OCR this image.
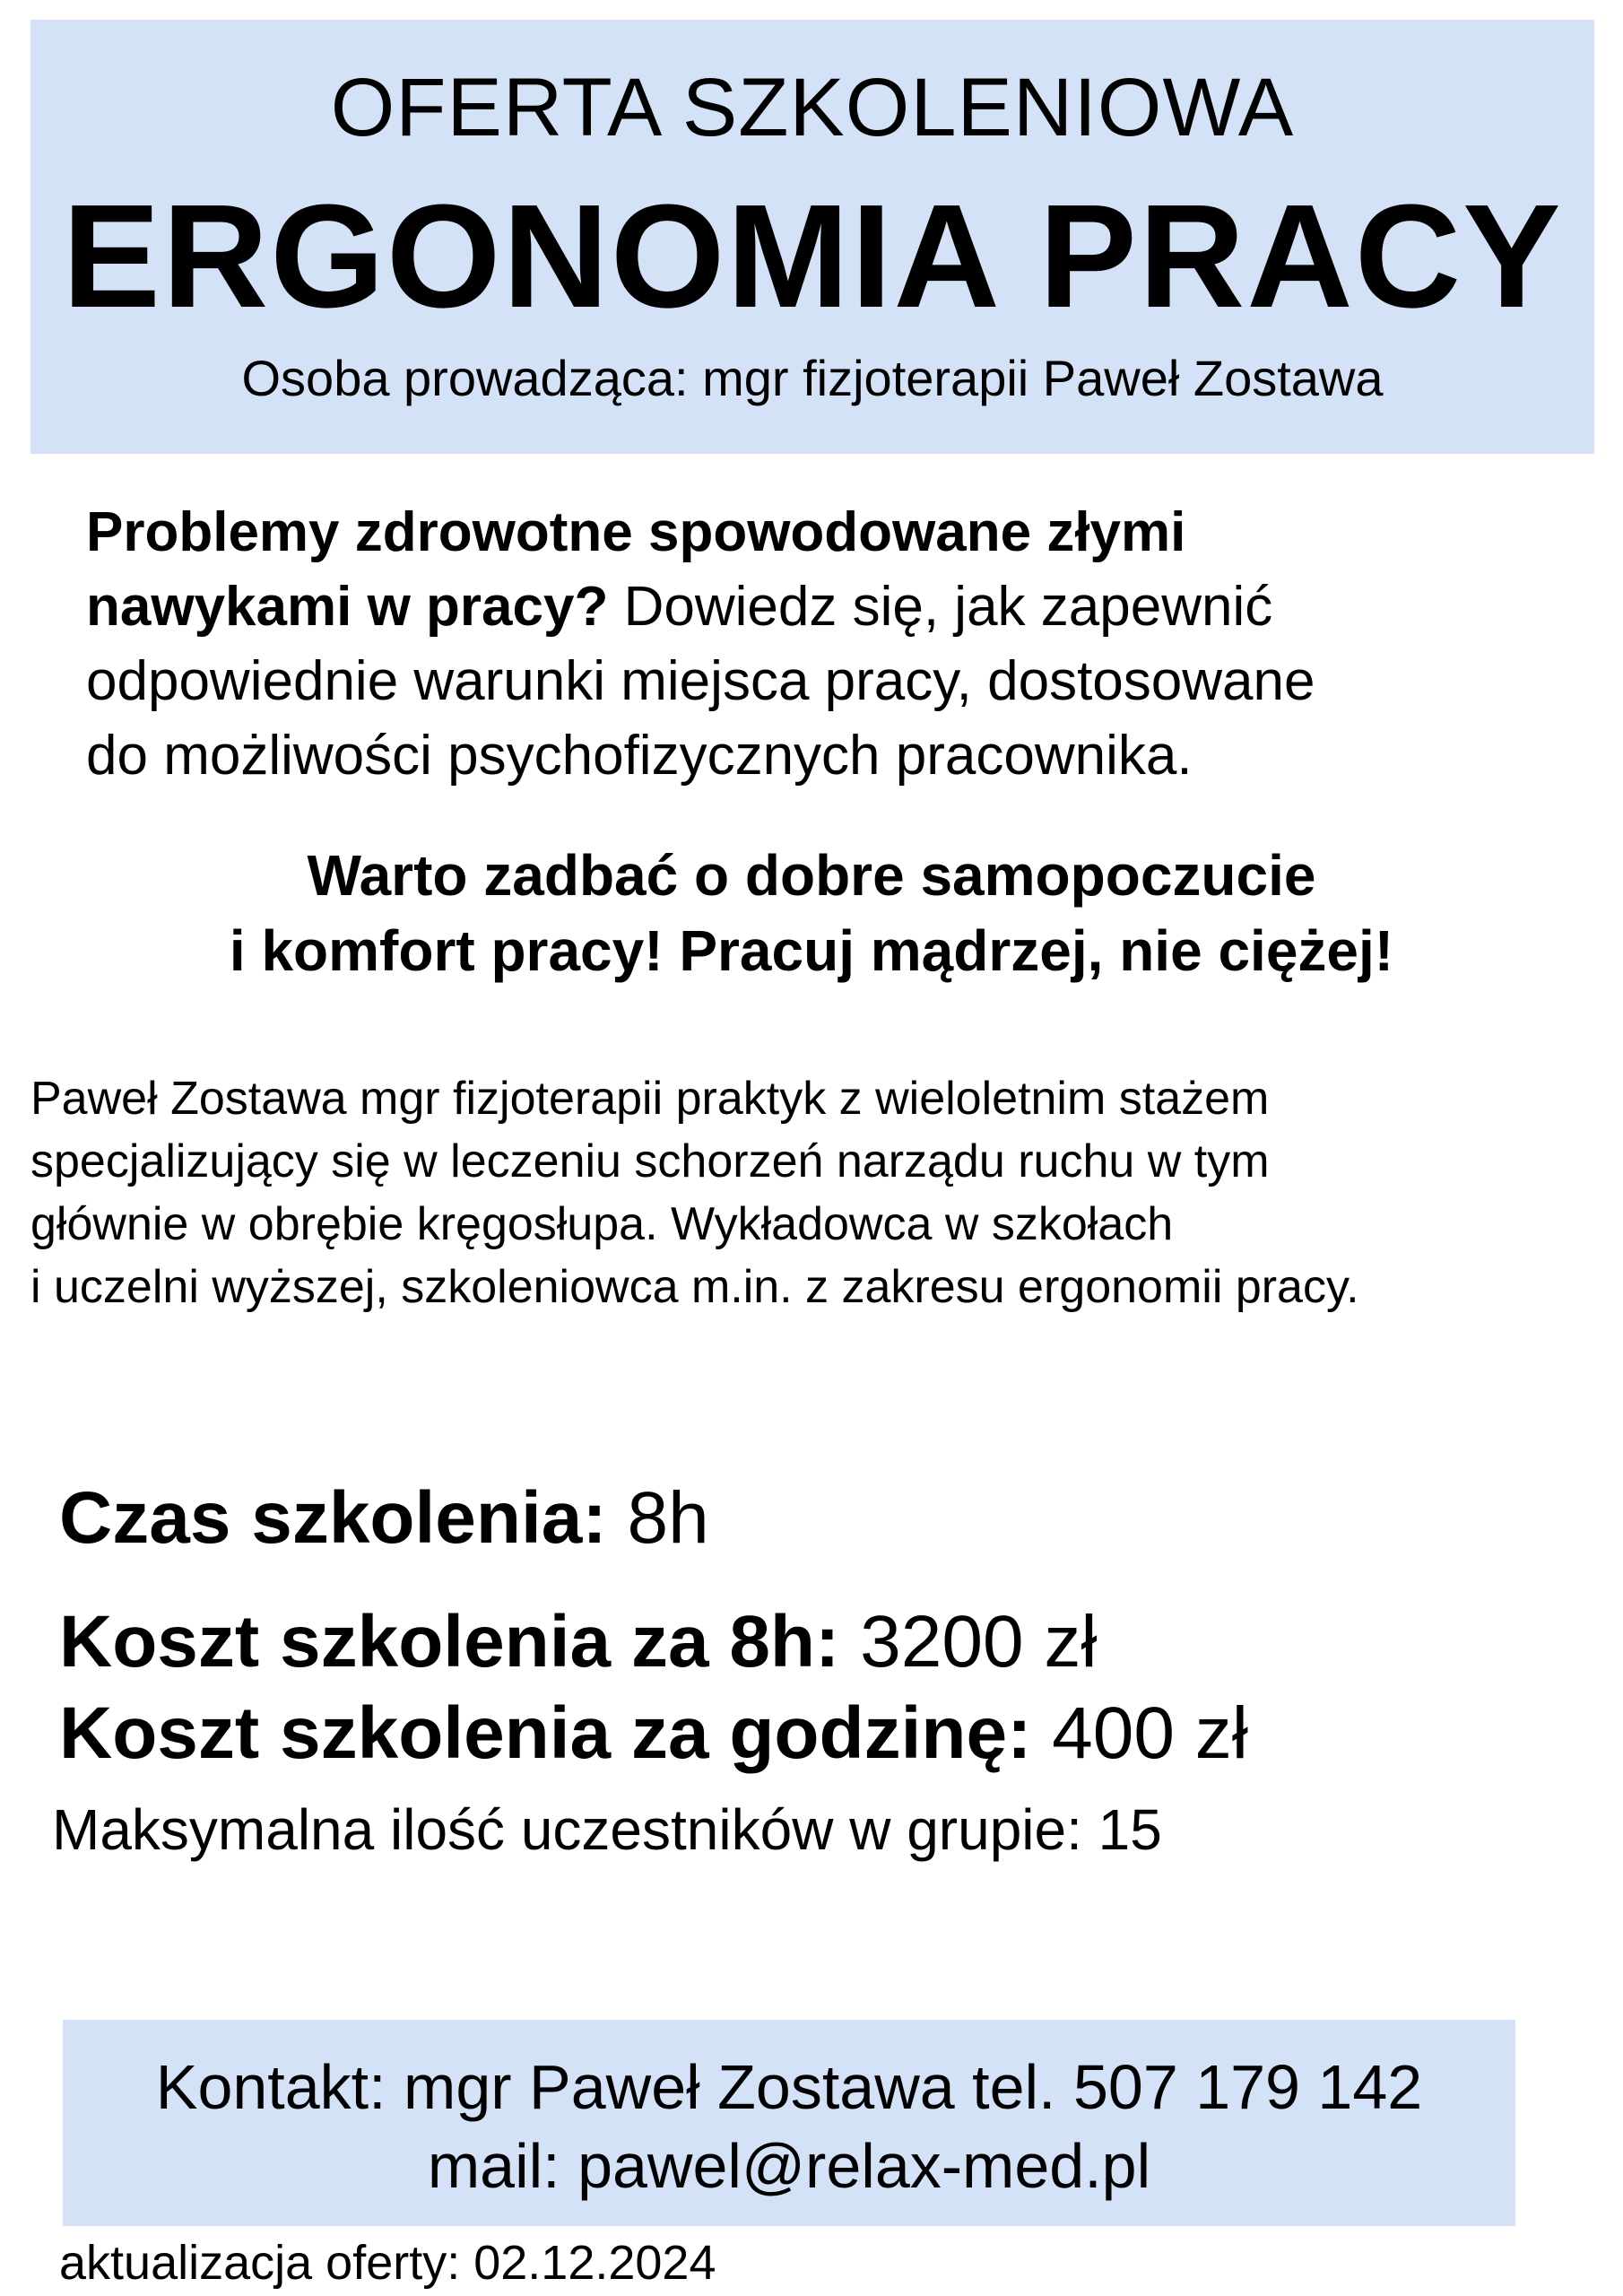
OFERTA SZKOLENIOWA
ERGONOMIA PRACY
Osoba prowadząca: mgr fizjoterapii Paweł Zostawa
Problemy zdrowotne spowodowane złymi
nawykami w pracy? Dowiedz się, jak zapewnić
odpowiednie warunki miejsca pracy, dostosowane
do możliwości psychofizycznych pracownika.
Warto zadbać o dobre samopoczucie
i komfort pracy! Pracuj mądrzej, nie ciężej!
Paweł Zostawa mgr fizjoterapii praktyk z wieloletnim stażem
specjalizujący się w leczeniu schorzeń narządu ruchu w tym
głównie w obrębie kręgosłupa. Wykładowca w szkołach
i uczelni wyższej, szkoleniowca m.in. z zakresu ergonomii pracy.
Czas szkolenia: 8h
Koszt szkolenia za 8h: 3200 zł
Koszt szkolenia za godzinę: 400 zł
Maksymalna ilość uczestników w grupie: 15
Kontakt: mgr Paweł Zostawa tel. 507 179 142
mail: pawel@relax-med.pl
aktualizacja oferty: 02.12.2024
